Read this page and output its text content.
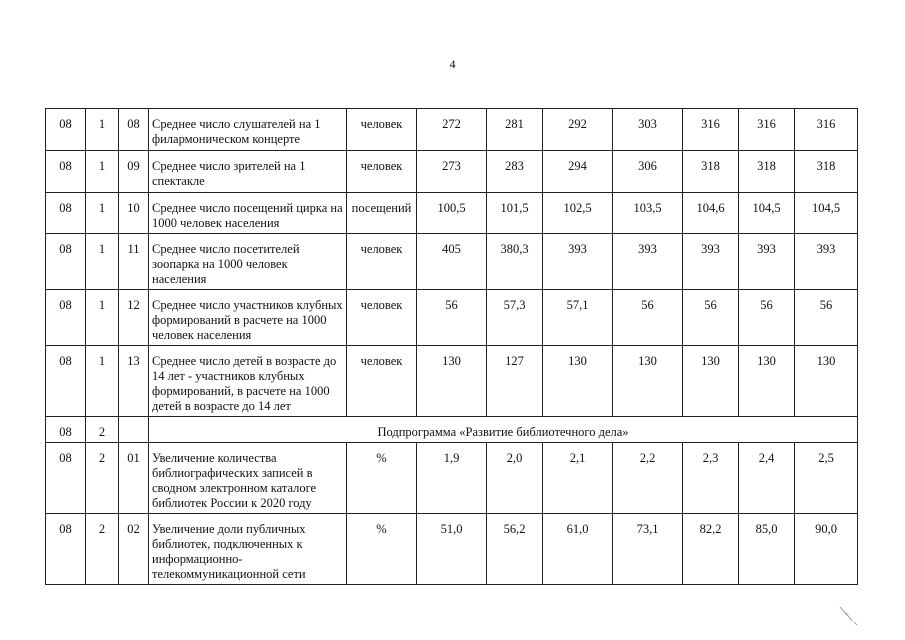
4
08	1	08	Среднее число слушателей на 1 филармоническом концерте	человек	272	281	292	303	316	316	316
08	1	09	Среднее число зрителей на 1 спектакле	человек	273	283	294	306	318	318	318
08	1	10	Среднее число посещений цирка на 1000 человек населения	посещений	100,5	101,5	102,5	103,5	104,6	104,5	104,5
08	1	11	Среднее число посетителей зоопарка на 1000 человек населения	человек	405	380,3	393	393	393	393	393
08	1	12	Среднее число участников клубных формирований в расчете на 1000 человек населения	человек	56	57,3	57,1	56	56	56	56
08	1	13	Среднее число детей в возрасте до 14 лет - участников клубных формирований, в расчете на 1000 детей в возрасте до 14 лет	человек	130	127	130	130	130	130	130
08	2		Подпрограмма «Развитие библиотечного дела»								
08	2	01	Увеличение количества библиографических записей в сводном электронном каталоге библиотек России к 2020 году	%	1,9	2,0	2,1	2,2	2,3	2,4	2,5
08	2	02	Увеличение доли публичных библиотек, подключенных к информационно-телекоммуникационной сети	%	51,0	56,2	61,0	73,1	82,2	85,0	90,0
